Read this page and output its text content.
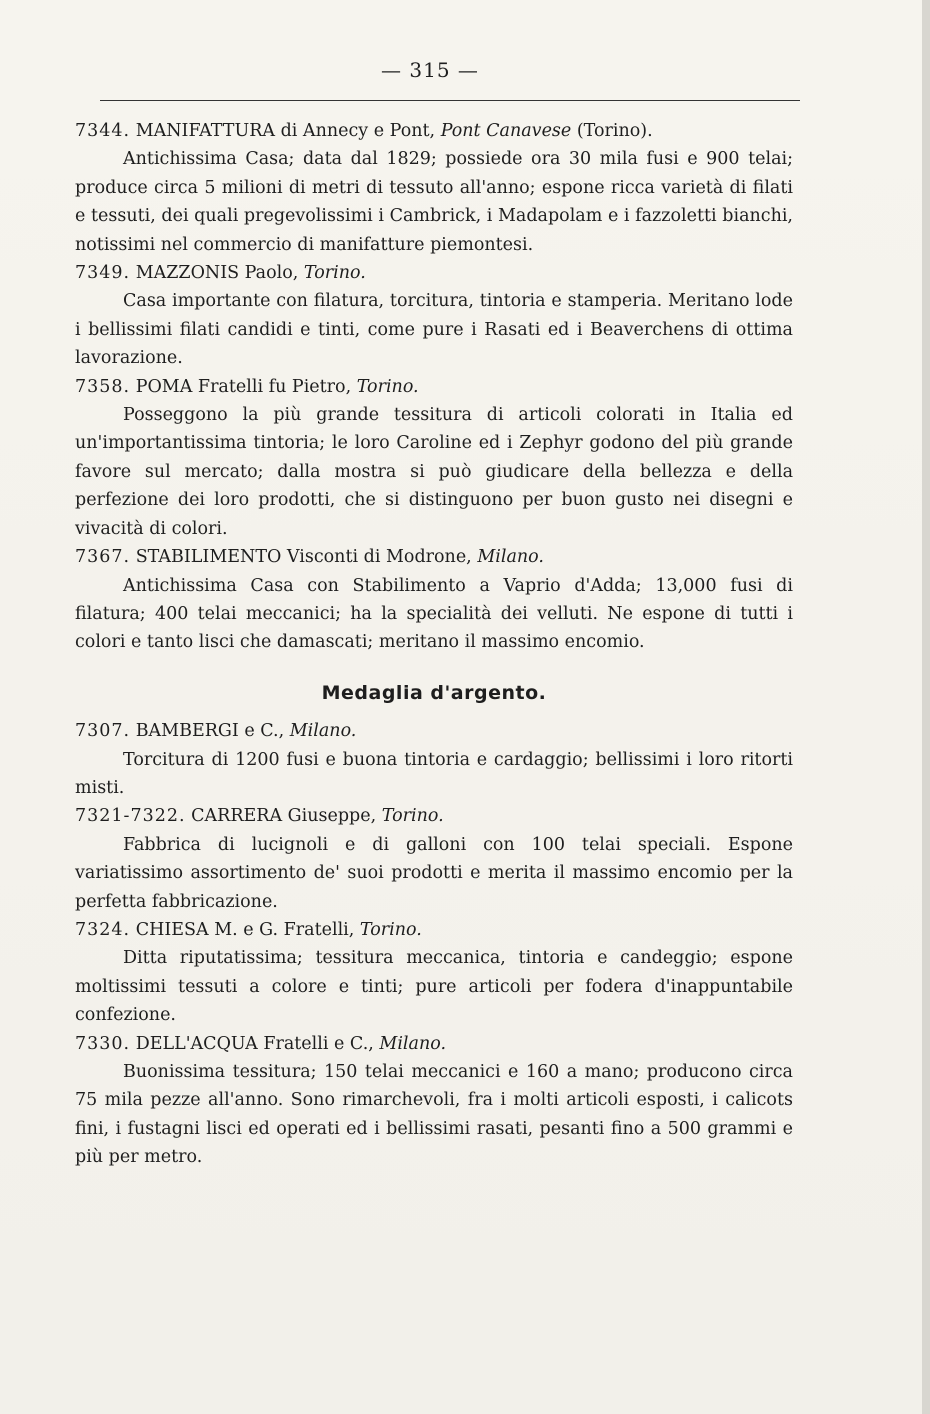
— 315 —

7344. MANIFATTURA di Annecy e Pont, Pont Canavese (Torino).

Antichissima Casa; data dal 1829; possiede ora 30 mila fusi e 900 telai; produce circa 5 milioni di metri di tessuto all'anno; espone ricca varietà di filati e tessuti, dei quali pregevolissimi i Cambrick, i Madapolam e i fazzoletti bianchi, notissimi nel commercio di manifatture piemontesi.

7349. MAZZONIS Paolo, Torino.

Casa importante con filatura, torcitura, tintoria e stamperia. Meritano lode i bellissimi filati candidi e tinti, come pure i Rasati ed i Beaverchens di ottima lavorazione.

7358. POMA Fratelli fu Pietro, Torino.

Posseggono la più grande tessitura di articoli colorati in Italia ed un'importantissima tintoria; le loro Caroline ed i Zephyr godono del più grande favore sul mercato; dalla mostra si può giudicare della bellezza e della perfezione dei loro prodotti, che si distinguono per buon gusto nei disegni e vivacità di colori.

7367. STABILIMENTO Visconti di Modrone, Milano.

Antichissima Casa con Stabilimento a Vaprio d'Adda; 13,000 fusi di filatura; 400 telai meccanici; ha la specialità dei velluti. Ne espone di tutti i colori e tanto lisci che damascati; meritano il massimo encomio.

Medaglia d'argento.

7307. BAMBERGI e C., Milano.

Torcitura di 1200 fusi e buona tintoria e cardaggio; bellissimi i loro ritorti misti.

7321-7322. CARRERA Giuseppe, Torino.

Fabbrica di lucignoli e di galloni con 100 telai speciali. Espone variatissimo assortimento de' suoi prodotti e merita il massimo encomio per la perfetta fabbricazione.

7324. CHIESA M. e G. Fratelli, Torino.

Ditta riputatissima; tessitura meccanica, tintoria e candeggio; espone moltissimi tessuti a colore e tinti; pure articoli per fodera d'inappuntabile confezione.

7330. DELL'ACQUA Fratelli e C., Milano.

Buonissima tessitura; 150 telai meccanici e 160 a mano; producono circa 75 mila pezze all'anno. Sono rimarchevoli, fra i molti articoli esposti, i calicots fini, i fustagni lisci ed operati ed i bellissimi rasati, pesanti fino a 500 grammi e più per metro.
